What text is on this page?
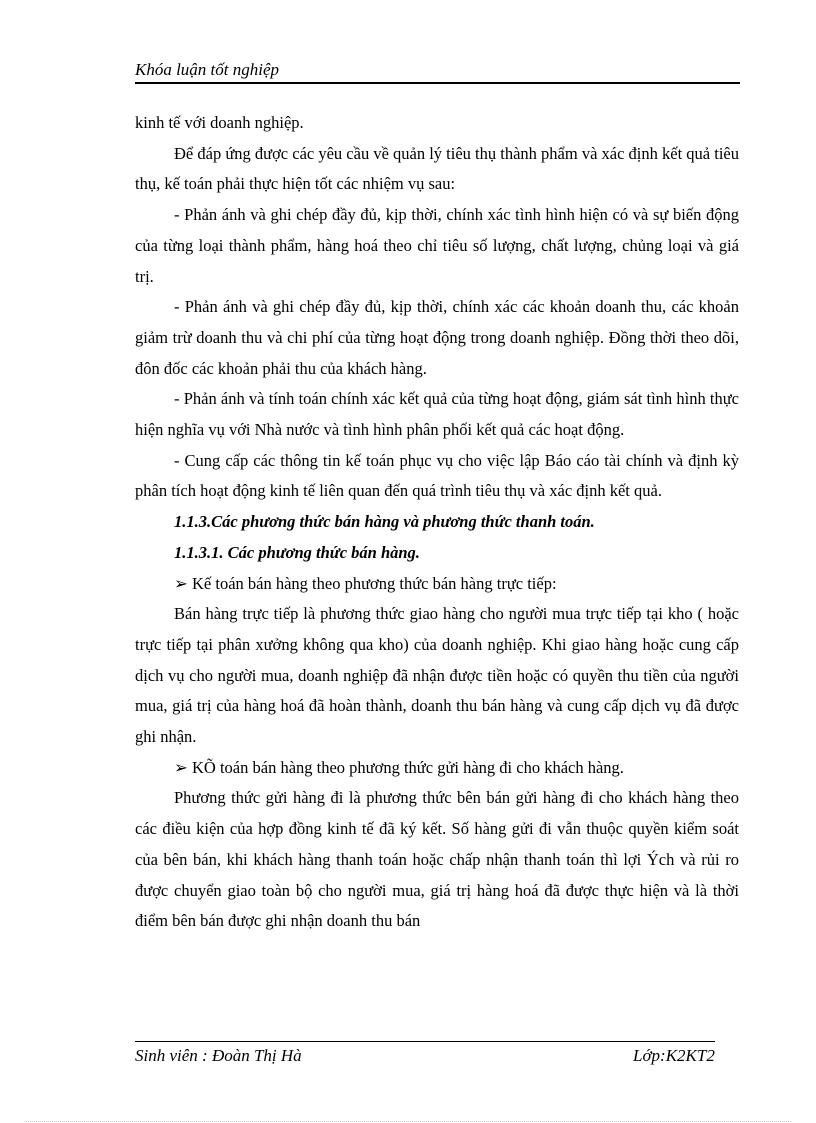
Khóa luận tốt nghiệp

kinh tế với doanh nghiệp.

Để đáp ứng được các yêu cầu về quản lý tiêu thụ thành phẩm và xác định kết quả tiêu thụ, kế toán phải thực hiện tốt các nhiệm vụ sau:

- Phản ánh và ghi chép đầy đủ, kịp thời, chính xác tình hình hiện có và sự biến động của từng loại thành phẩm, hàng hoá theo chỉ tiêu số lượng, chất lượng, chủng loại và giá trị.

- Phản ánh và ghi chép đầy đủ, kịp thời, chính xác các khoản doanh thu, các khoản giảm trừ doanh thu và chi phí của từng hoạt động trong doanh nghiệp. Đồng thời theo dõi, đôn đốc các khoản phải thu của khách hàng.

- Phản ánh và tính toán chính xác kết quả của từng hoạt động, giám sát tình hình thực hiện nghĩa vụ với Nhà nước và tình hình phân phối kết quả các hoạt động.

- Cung cấp các thông tin kế toán phục vụ cho việc lập Báo cáo tài chính và định kỳ phân tích hoạt động kinh tế liên quan đến quá trình tiêu thụ và xác định kết quả.

1.1.3.Các phương thức bán hàng và phương thức thanh toán.

1.1.3.1. Các phương thức bán hàng.

➢ Kế toán bán hàng theo phương thức bán hàng trực tiếp:

Bán hàng trực tiếp là phương thức giao hàng cho người mua trực tiếp tại kho ( hoặc trực tiếp tại phân xưởng không qua kho) của doanh nghiệp. Khi giao hàng hoặc cung cấp dịch vụ cho người mua, doanh nghiệp đã nhận được tiền hoặc có quyền thu tiền của người mua, giá trị của hàng hoá đã hoàn thành, doanh thu bán hàng và cung cấp dịch vụ đã được ghi nhận.

➢ KÕ toán bán hàng theo phương thức gửi hàng đi cho khách hàng.

Phương thức gửi hàng đi là phương thức bên bán gửi hàng đi cho khách hàng theo các điều kiện của hợp đồng kinh tế đã ký kết. Số hàng gửi đi vẫn thuộc quyền kiểm soát của bên bán, khi khách hàng thanh toán hoặc chấp nhận thanh toán thì lợi Ých và rủi ro được chuyển giao toàn bộ cho người mua, giá trị hàng hoá đã được thực hiện và là thời điểm bên bán được ghi nhận doanh thu bán

Sinh viên : Đoàn Thị Hà	Lớp:K2KT2
